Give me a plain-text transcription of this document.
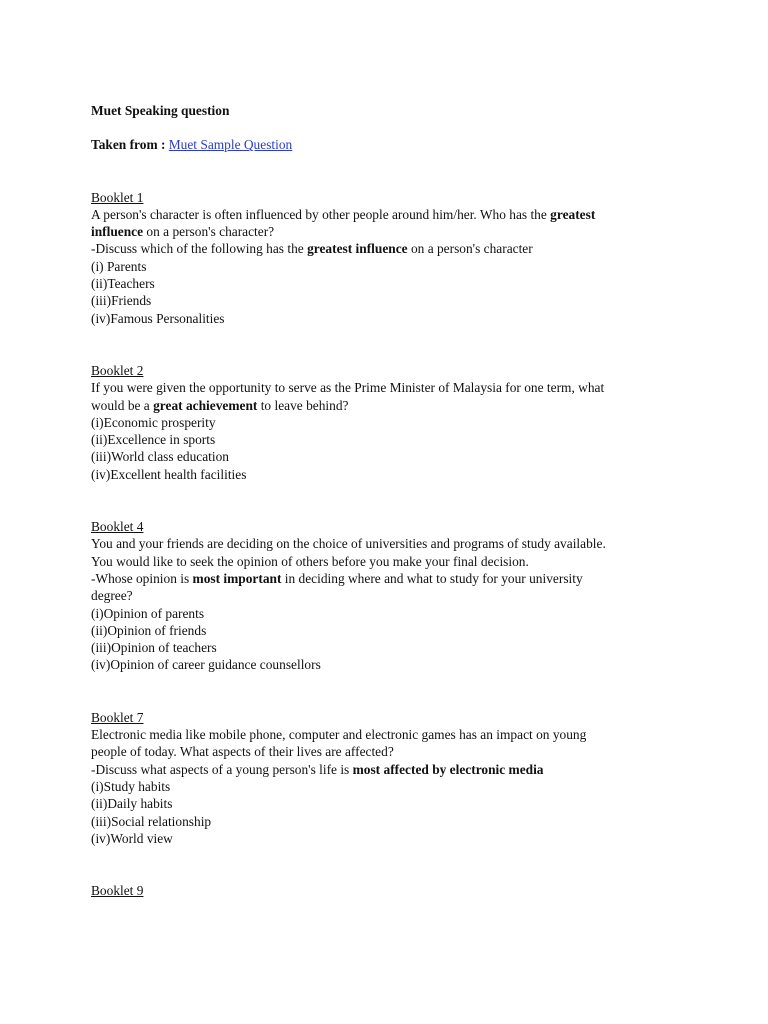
Muet Speaking question
Taken from : Muet Sample Question
Booklet 1
A person's character is often influenced by other people around him/her. Who has the greatest
influence on a person's character?
-Discuss which of the following has the greatest influence on a person's character
(i) Parents
(ii)Teachers
(iii)Friends
(iv)Famous Personalities
Booklet 2
If you were given the opportunity to serve as the Prime Minister of Malaysia for one term, what
would be a great achievement to leave behind?
(i)Economic prosperity
(ii)Excellence in sports
(iii)World class education
(iv)Excellent health facilities
Booklet 4
You and your friends are deciding on the choice of universities and programs of study available.
You would like to seek the opinion of others before you make your final decision.
-Whose opinion is most important in deciding where and what to study for your university
degree?
(i)Opinion of parents
(ii)Opinion of friends
(iii)Opinion of teachers
(iv)Opinion of career guidance counsellors
Booklet 7
Electronic media like mobile phone, computer and electronic games has an impact on young
people of today. What aspects of their lives are affected?
-Discuss what aspects of a young person's life is most affected by electronic media
(i)Study habits
(ii)Daily habits
(iii)Social relationship
(iv)World view
Booklet 9
